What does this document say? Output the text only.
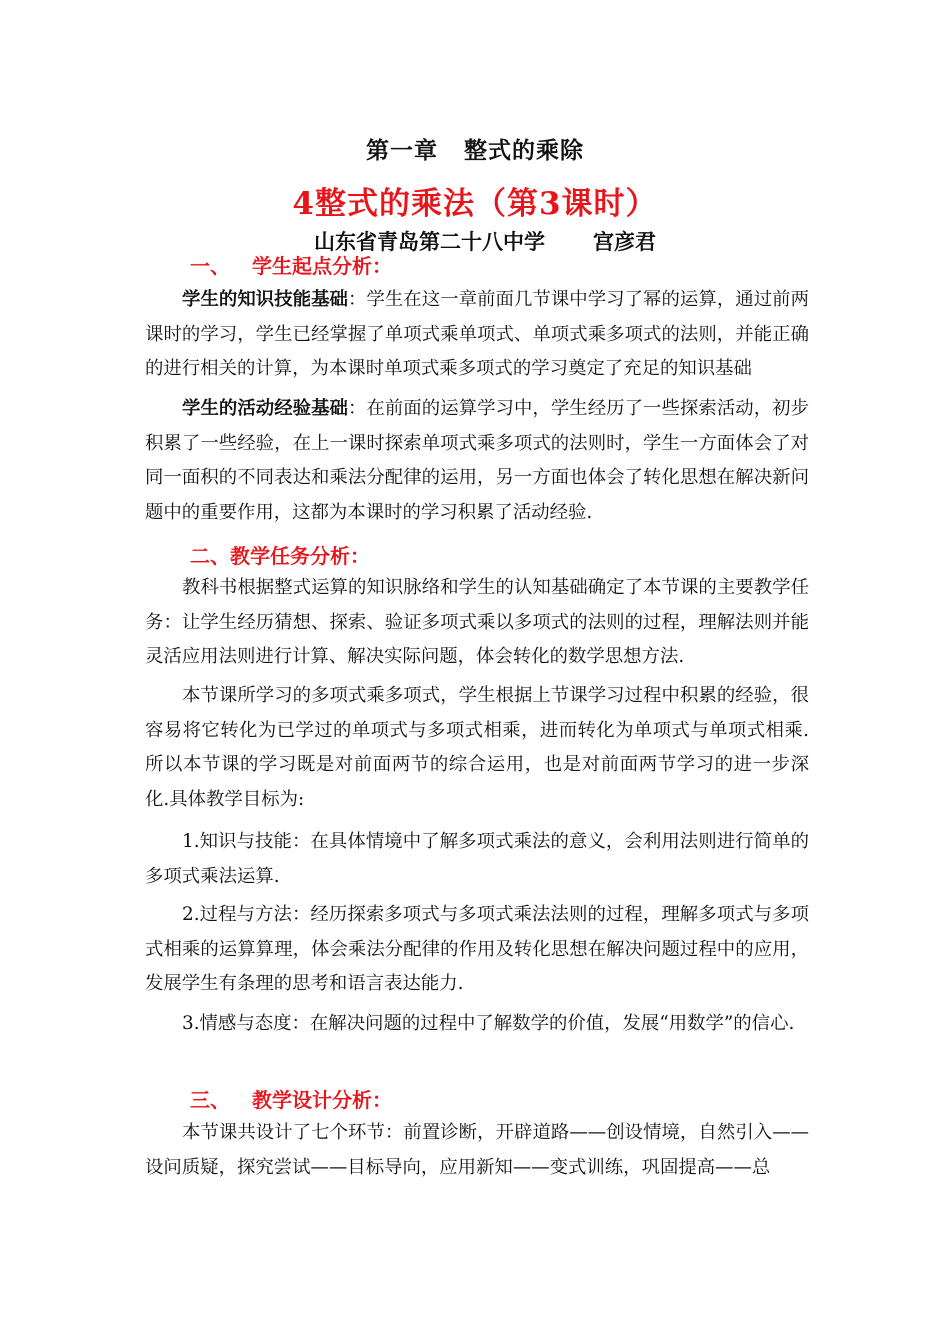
第一章 整式的乘除
4整式的乘法（第3课时）
山东省青岛第二十八中学 宫彦君
一、 学生起点分析：
学生的知识技能基础：学生在这一章前面几节课中学习了幂的运算，通过前两课时的学习，学生已经掌握了单项式乘单项式、单项式乘多项式的法则，并能正确的进行相关的计算，为本课时单项式乘多项式的学习奠定了充足的知识基础
学生的活动经验基础：在前面的运算学习中，学生经历了一些探索活动，初步积累了一些经验，在上一课时探索单项式乘多项式的法则时，学生一方面体会了对同一面积的不同表达和乘法分配律的运用，另一方面也体会了转化思想在解决新问题中的重要作用，这都为本课时的学习积累了活动经验.
二、教学任务分析：
教科书根据整式运算的知识脉络和学生的认知基础确定了本节课的主要教学任务：让学生经历猜想、探索、验证多项式乘以多项式的法则的过程，理解法则并能灵活应用法则进行计算、解决实际问题，体会转化的数学思想方法.
本节课所学习的多项式乘多项式，学生根据上节课学习过程中积累的经验，很容易将它转化为已学过的单项式与多项式相乘，进而转化为单项式与单项式相乘.所以本节课的学习既是对前面两节的综合运用，也是对前面两节学习的进一步深化.具体教学目标为:
1.知识与技能：在具体情境中了解多项式乘法的意义，会利用法则进行简单的多项式乘法运算.
2.过程与方法：经历探索多项式与多项式乘法法则的过程，理解多项式与多项式相乘的运算算理，体会乘法分配律的作用及转化思想在解决问题过程中的应用，发展学生有条理的思考和语言表达能力.
3.情感与态度：在解决问题的过程中了解数学的价值，发展“用数学”的信心.
三、 教学设计分析：
本节课共设计了七个环节：前置诊断，开辟道路——创设情境，自然引入——设问质疑，探究尝试——目标导向，应用新知——变式训练，巩固提高——总
